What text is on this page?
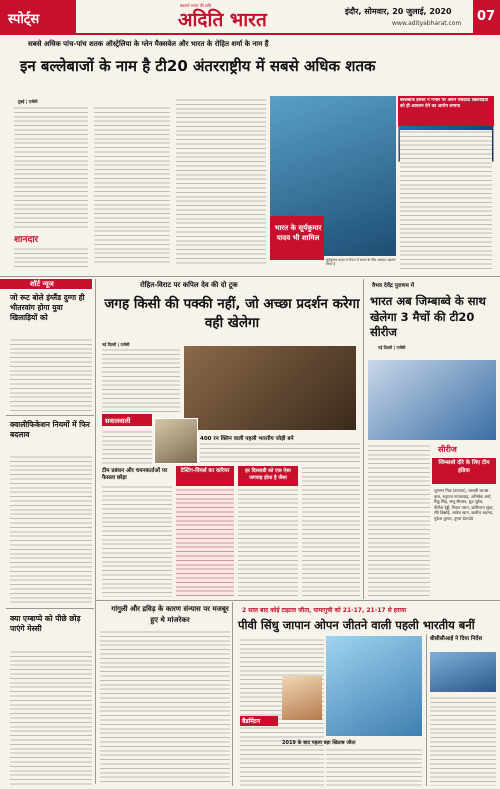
स्पोर्ट्स
बदलते भारत की छवि
अदिति भारत	इंदौर, सोमवार, 20 जुलाई, 2020
www.adityabharat.com 07
सबसे अधिक पांच-पांच शतक ऑस्ट्रेलिया के ग्लेन मैक्सवेल और भारत के रोहित शर्मा के नाम हैं
इन बल्लेबाजों के नाम है टी20 अंतरराष्ट्रीय में सबसे अधिक शतक
दुबई | एजेंसी
शानदार
भारत के सूर्यकुमार यादव भी शामिल
सूर्यकुमार यादव ने टी20 में भारत के लिए शानदार प्रदर्शन किया है
बल्लेबाज हमेशा ने गंभीर पर अपने पसंदीदा खिलाड़ियों को ही आयतन देने का आरोप लगाया
शॉर्ट न्यूज
जो रूट बोले इंग्लैंड दुग्गा ही भीतरवांग होगा युवा खिलाड़ियों को
क्वालीफिकेशन नियमों में फिर बदलाव
क्या एम्बाप्पे को पीछे छोड़ पाएंगे मेस्सी
रोहित-विराट पर कपिल देव की दो टूक
जगह किसी की पक्की नहीं, जो अच्छा प्रदर्शन करेगा वही खेलेगा
नई दिल्ली | एजेंसी
सवालवाली
400 रन क्लिन वाली पहली भारतीय जोड़ी बने
टीम प्रबंधन और चयनकर्ताओं पर फैसला छोड़ा
टेस्टिंग-वियर्स का करियर	हर दिल्लाडी को एक ऐसा जगवाह होता है जैसा
वैभव देवेंद्र पुराणम में
भारत अब जिम्बाब्वे के साथ खेलेगा 3 मैचों की टी20 सीरीज
नई दिल्ली | एजेंसी
सीरीज
जिम्बाब्वे दौरे के लिए टीम इंडिया
शुभमन गिल (कप्तान), यशस्वी जायसवाल, रुतुराज गायकवाड़, अभिषेक शर्मा, रिंकू सिंह, संजू सैमसन, ध्रुव जुरेल, नीतीश रेड्डी, रियान पराग, वाशिंगटन सुंदर, रवि बिश्नोई, आवेश खान, खलील अहमद, मुकेश कुमार, तुषार देशपांडे
गांगुली और द्रविड़ के कारण संन्यास पर मजबूर हुए थे मांजरेकर
2 साल बाद कोई टाइटल जीता, यामागुची को 21-17, 21-17 से हराया
पीवी सिंधु जापान ओपन जीतने वाली पहली भारतीय बनीं
बैडमिंटन
2019 के बाद पहला बड़ा खिताब जीता
बीसीसीआई ने दिया निर्देश
